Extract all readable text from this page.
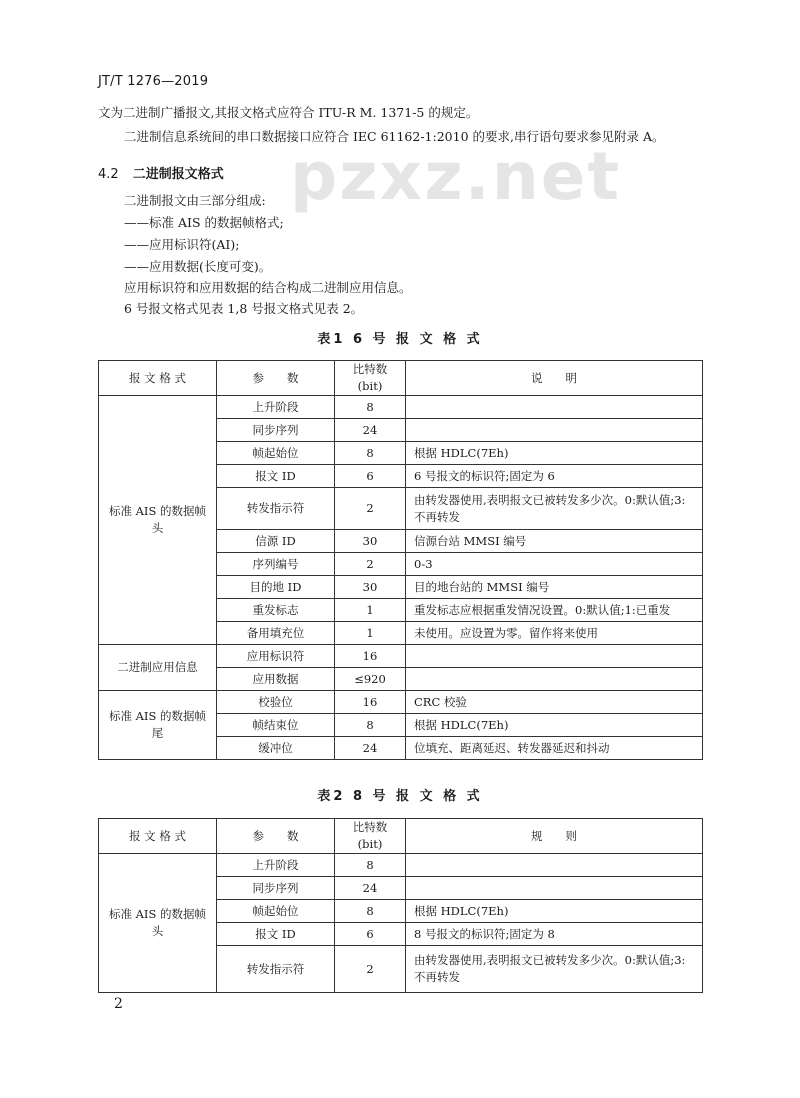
JT/T 1276—2019
pzxz.net
文为二进制广播报文,其报文格式应符合 ITU-R M. 1371-5 的规定。
二进制信息系统间的串口数据接口应符合 IEC 61162-1:2010 的要求,串行语句要求参见附录 A。
4.2 二进制报文格式
二进制报文由三部分组成:
——标准 AIS 的数据帧格式;
——应用标识符(AI);
——应用数据(长度可变)。
应用标识符和应用数据的结合构成二进制应用信息。
6 号报文格式见表 1,8 号报文格式见表 2。
表1 6 号 报 文 格 式
报 文 格 式	参　　数	比特数(bit)	说　　明
标准 AIS 的数据帧头	上升阶段	8	
	同步序列	24	
	帧起始位	8	根据 HDLC(7Eh)
	报文 ID	6	6 号报文的标识符;固定为 6
	转发指示符	2	由转发器使用,表明报文已被转发多少次。0:默认值;3:不再转发
	信源 ID	30	信源台站 MMSI 编号
	序列编号	2	0-3
	目的地 ID	30	目的地台站的 MMSI 编号
	重发标志	1	重发标志应根据重发情况设置。0:默认值;1:已重发
	备用填充位	1	未使用。应设置为零。留作将来使用
二进制应用信息	应用标识符	16	
	应用数据	≤920	
标准 AIS 的数据帧尾	校验位	16	CRC 校验
	帧结束位	8	根据 HDLC(7Eh)
	缓冲位	24	位填充、距离延迟、转发器延迟和抖动
表2 8 号 报 文 格 式
报 文 格 式	参　　数	比特数(bit)	规　　则
标准 AIS 的数据帧头	上升阶段	8	
	同步序列	24	
	帧起始位	8	根据 HDLC(7Eh)
	报文 ID	6	8 号报文的标识符;固定为 8
	转发指示符	2	由转发器使用,表明报文已被转发多少次。0:默认值;3:不再转发
2
